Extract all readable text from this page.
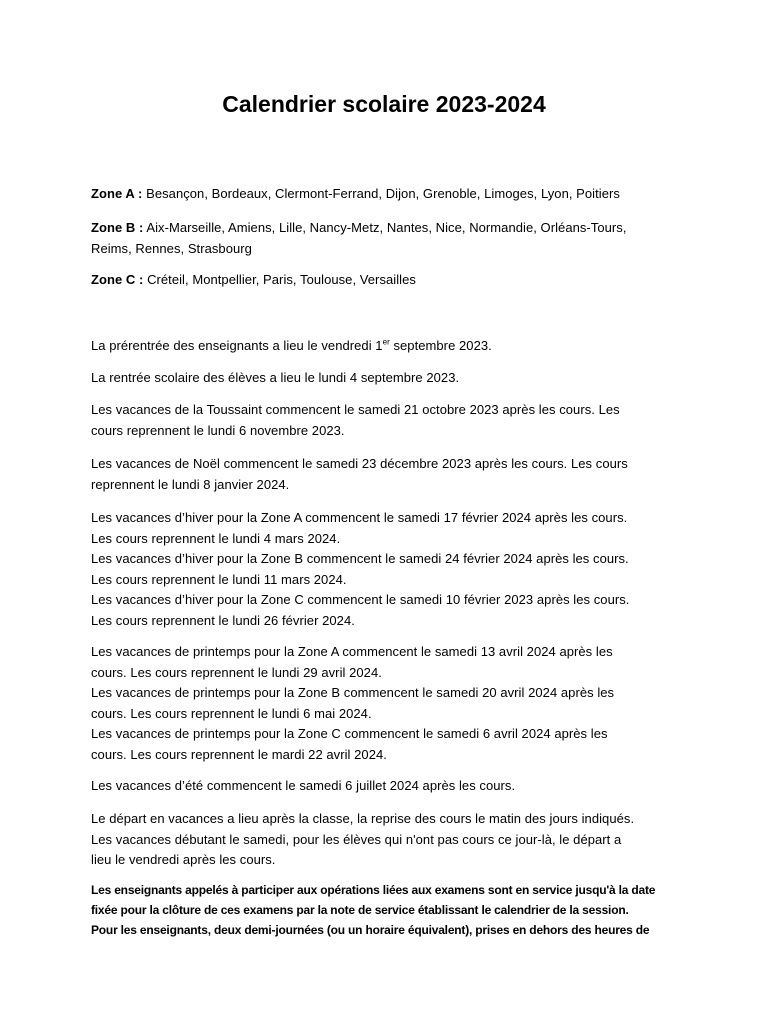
Calendrier scolaire 2023-2024
Zone A : Besançon, Bordeaux, Clermont-Ferrand, Dijon, Grenoble, Limoges, Lyon, Poitiers
Zone B : Aix-Marseille, Amiens, Lille, Nancy-Metz, Nantes, Nice, Normandie, Orléans-Tours,
Reims, Rennes, Strasbourg
Zone C : Créteil, Montpellier, Paris, Toulouse, Versailles
La prérentrée des enseignants a lieu le vendredi 1er septembre 2023.
La rentrée scolaire des élèves a lieu le lundi 4 septembre 2023.
Les vacances de la Toussaint commencent le samedi 21 octobre 2023 après les cours. Les
cours reprennent le lundi 6 novembre 2023.
Les vacances de Noël commencent le samedi 23 décembre 2023 après les cours. Les cours
reprennent le lundi 8 janvier 2024.
Les vacances d’hiver pour la Zone A commencent le samedi 17 février 2024 après les cours.
Les cours reprennent le lundi 4 mars 2024.
Les vacances d’hiver pour la Zone B commencent le samedi 24 février 2024 après les cours.
Les cours reprennent le lundi 11 mars 2024.
Les vacances d’hiver pour la Zone C commencent le samedi 10 février 2023 après les cours.
Les cours reprennent le lundi 26 février 2024.
Les vacances de printemps pour la Zone A commencent le samedi 13 avril 2024 après les
cours. Les cours reprennent le lundi 29 avril 2024.
Les vacances de printemps pour la Zone B commencent le samedi 20 avril 2024 après les
cours. Les cours reprennent le lundi 6 mai 2024.
Les vacances de printemps pour la Zone C commencent le samedi 6 avril 2024 après les
cours. Les cours reprennent le mardi 22 avril 2024.
Les vacances d’été commencent le samedi 6 juillet 2024 après les cours.
Le départ en vacances a lieu après la classe, la reprise des cours le matin des jours indiqués.
Les vacances débutant le samedi, pour les élèves qui n'ont pas cours ce jour-là, le départ a
lieu le vendredi après les cours.
Les enseignants appelés à participer aux opérations liées aux examens sont en service jusqu'à la date
fixée pour la clôture de ces examens par la note de service établissant le calendrier de la session.
Pour les enseignants, deux demi-journées (ou un horaire équivalent), prises en dehors des heures de
